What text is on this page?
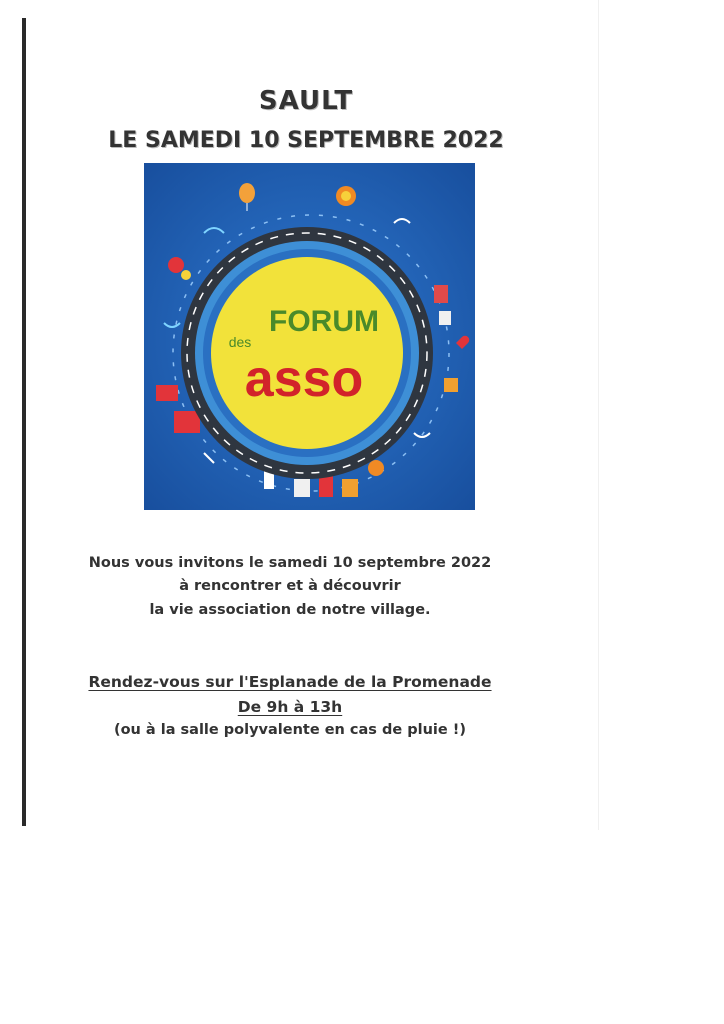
SAULT
LE SAMEDI 10 SEPTEMBRE 2022
FORUM
des
asso
Nous vous invitons le samedi 10 septembre 2022
à rencontrer et à découvrir
la vie association de notre village.
Rendez-vous sur l'Esplanade de la Promenade
De 9h à 13h
(ou à la salle polyvalente en cas de pluie !)
